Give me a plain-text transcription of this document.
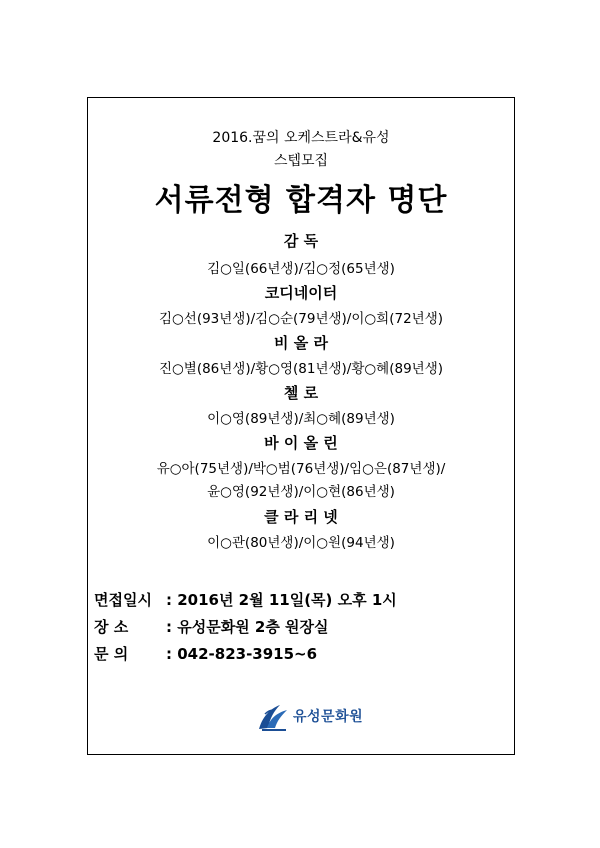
2016.꿈의 오케스트라&유성
스텝모집
서류전형 합격자 명단
감 독
김○일(66년생)/김○정(65년생)
코디네이터
김○선(93년생)/김○순(79년생)/이○희(72년생)
비 올 라
진○별(86년생)/황○영(81년생)/황○혜(89년생)
첼 로
이○영(89년생)/최○혜(89년생)
바 이 올 린
유○아(75년생)/박○범(76년생)/임○은(87년생)/
윤○영(92년생)/이○현(86년생)
클 라 리 넷
이○관(80년생)/이○원(94년생)
면접일시 : 2016년 2월 11일(목) 오후 1시
장 소	: 유성문화원 2층 원장실
문 의	: 042-823-3915~6
유성문화원
